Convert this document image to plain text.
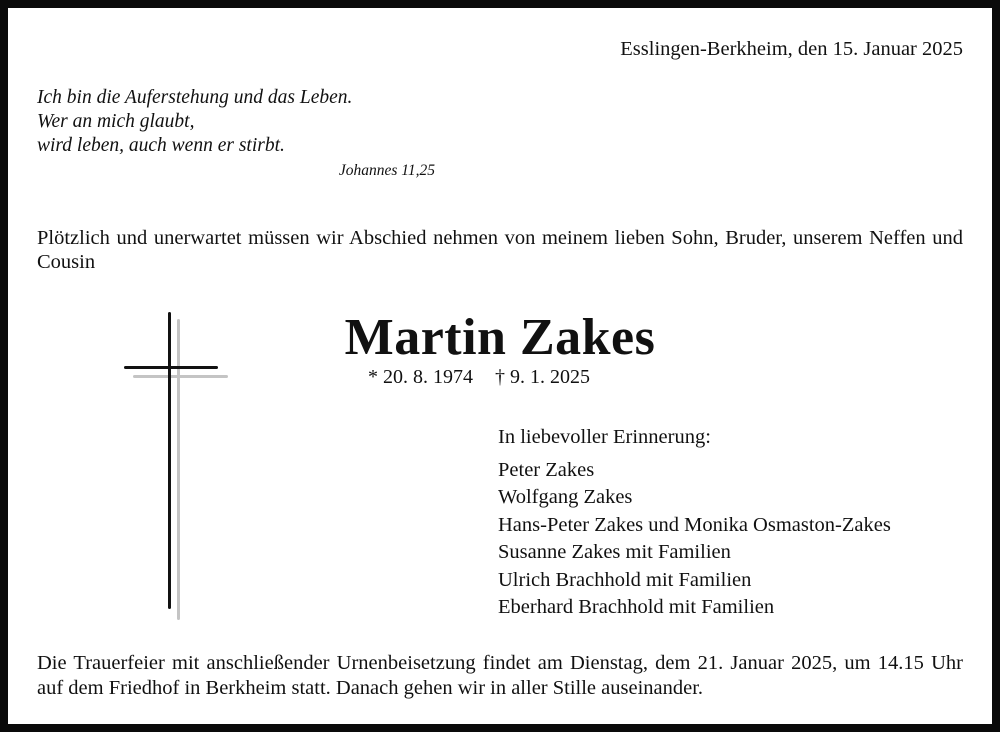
Esslingen-Berkheim, den 15. Januar 2025
Ich bin die Auferstehung und das Leben.
Wer an mich glaubt,
wird leben, auch wenn er stirbt.
Johannes 11,25
Plötzlich und unerwartet müssen wir Abschied nehmen von meinem lieben Sohn, Bruder, unserem Neffen und Cousin
Martin Zakes
* 20. 8. 1974 † 9. 1. 2025
In liebevoller Erinnerung:
Peter Zakes
Wolfgang Zakes
Hans-Peter Zakes und Monika Osmaston-Zakes
Susanne Zakes mit Familien
Ulrich Brachhold mit Familien
Eberhard Brachhold mit Familien
Die Trauerfeier mit anschließender Urnenbeisetzung findet am Dienstag, dem 21. Januar 2025, um 14.15 Uhr auf dem Friedhof in Berkheim statt. Danach gehen wir in aller Stille auseinander.
